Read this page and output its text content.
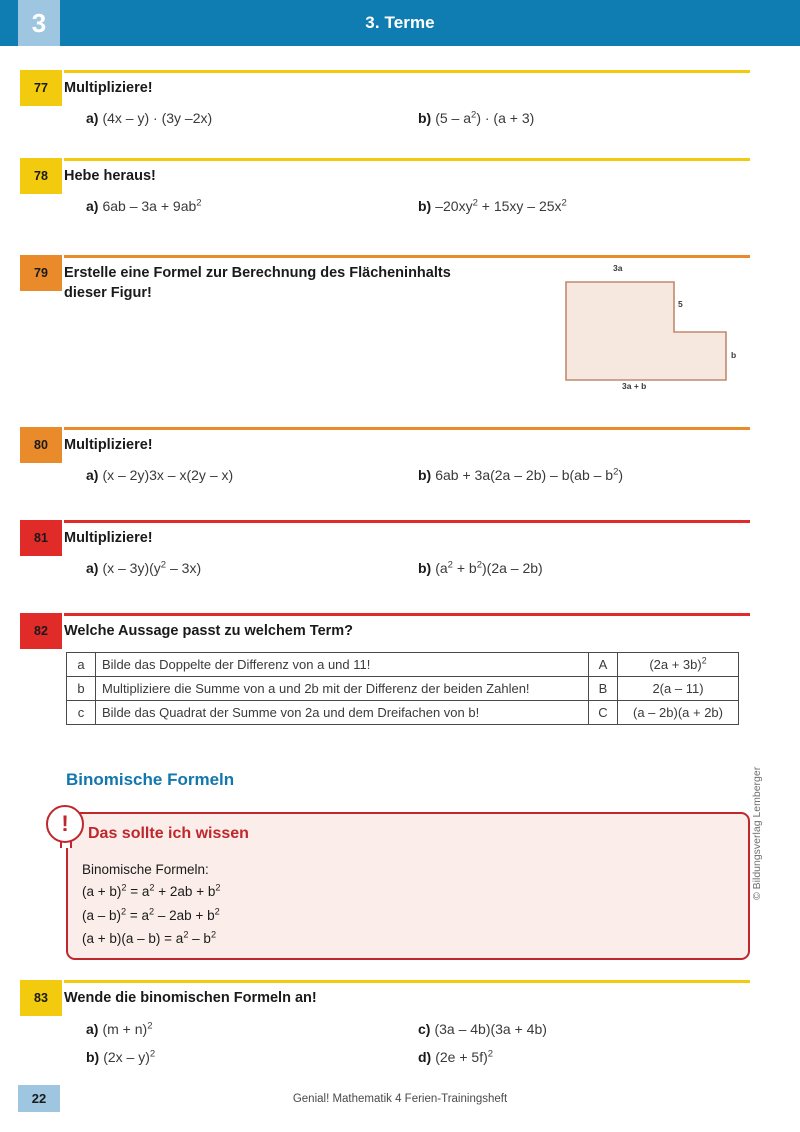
3	3. Terme
77	Multipliziere!
a) (4x – y) · (3y –2x)	b) $(5 - a^2) \cdot (a + 3)$
78	Hebe heraus!
a) $6ab - 3a + 9ab^2$	b) $-20xy^2 + 15xy - 25x^2$
79	Erstelle eine Formel zur Berechnung des Flächeninhalts dieser Figur!
3a
5
b
3a + b
80	Multipliziere!
a) (x – 2y)3x – x(2y – x)	b) $6ab + 3a(2a - 2b) - b(ab - b^2)$
81	Multipliziere!
a) $(x - 3y)(y^2 - 3x)$	b) $(a^2 + b^2)(2a - 2b)$
82	Welche Aussage passt zu welchem Term?
a	Bilde das Doppelte der Differenz von a und 11!	A	$(2a + 3b)^2$
b	Multipliziere die Summe von a und 2b mit der Differenz der beiden Zahlen!	B	2(a – 11)
c	Bilde das Quadrat der Summe von 2a und dem Dreifachen von b!	C	(a – 2b)(a + 2b)
Binomische Formeln
!	Das sollte ich wissen
Binomische Formeln:
$(a + b)^2 = a^2 + 2ab + b^2$
$(a - b)^2 = a^2 - 2ab + b^2$
$(a + b)(a - b) = a^2 - b^2$
83	Wende die binomischen Formeln an!
a) $(m + n)^2$
b) (2x – y)$^2$
c) (3a – 4b)(3a + 4b)
d) $(2e + 5f)^2$
© Bildungsverlag Lemberger
Genial! Mathematik 4 Ferien-Trainingsheft
22
